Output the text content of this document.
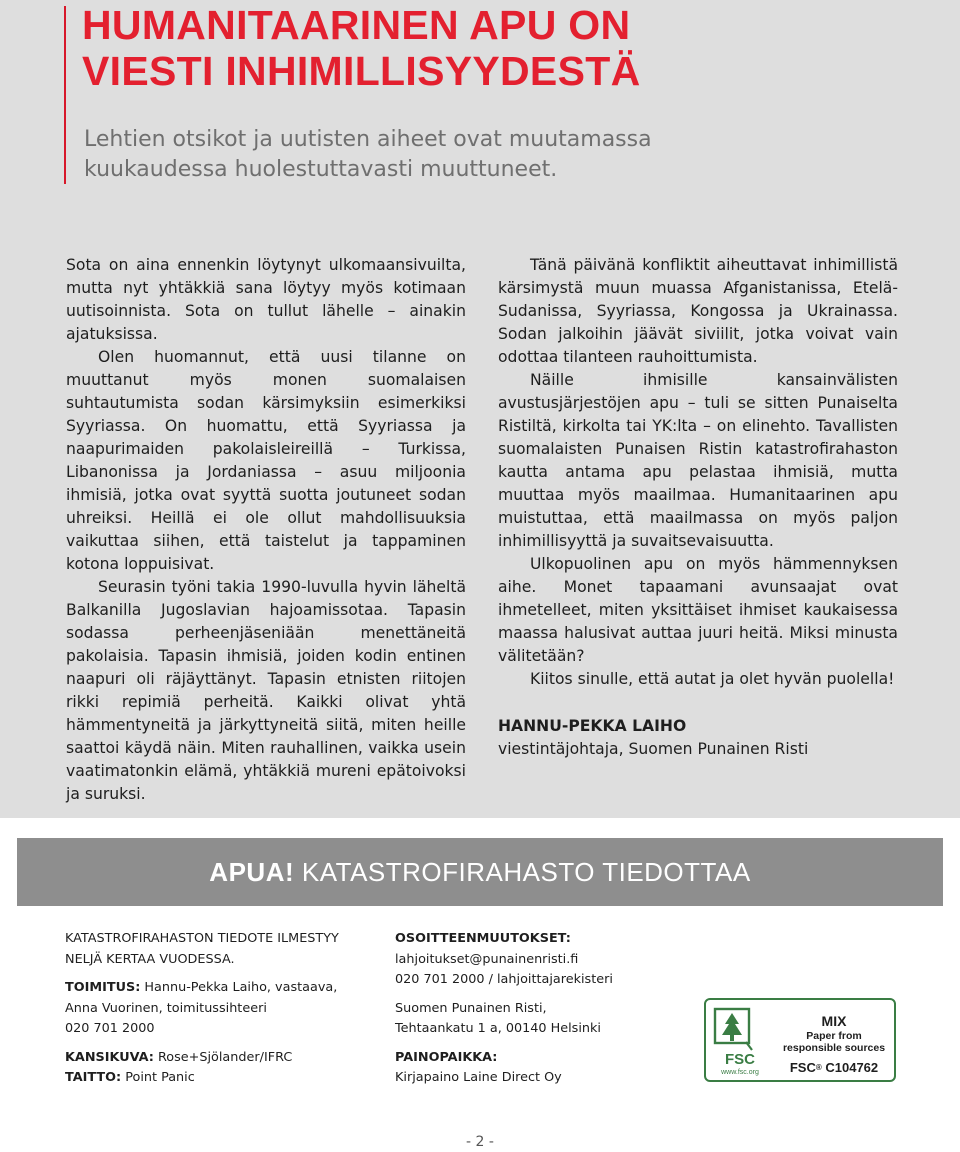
HUMANITAARINEN APU ON
VIESTI INHIMILLISYYDESTÄ
Lehtien otsikot ja uutisten aiheet ovat muutamassa
kuukaudessa huolestuttavasti muuttuneet.

Sota on aina ennenkin löytynyt ulkomaansivuilta, mutta nyt yhtäkkiä sana löytyy myös kotimaan uutisoinnista. Sota on tullut lähelle – ainakin ajatuksissa.

Olen huomannut, että uusi tilanne on muuttanut myös monen suomalaisen suhtautumista sodan kärsimyksiin esimerkiksi Syyriassa. On huomattu, että Syyriassa ja naapurimaiden pakolaisleireillä – Turkissa, Libanonissa ja Jordaniassa – asuu miljoonia ihmisiä, jotka ovat syyttä suotta joutuneet sodan uhreiksi. Heillä ei ole ollut mahdollisuuksia vaikuttaa siihen, että taistelut ja tappaminen kotona loppuisivat.

Seurasin työni takia 1990-luvulla hyvin läheltä Balkanilla Jugoslavian hajoamissotaa. Tapasin sodassa perheenjäseniään menettäneitä pakolaisia. Tapasin ihmisiä, joiden kodin entinen naapuri oli räjäyttänyt. Tapasin etnisten riitojen rikki repimiä perheitä. Kaikki olivat yhtä hämmentyneitä ja järkyttyneitä siitä, miten heille saattoi käydä näin. Miten rauhallinen, vaikka usein vaatimatonkin elämä, yhtäkkiä mureni epätoivoksi ja suruksi.

Tänä päivänä konfliktit aiheuttavat inhimillistä kärsimystä muun muassa Afganistanissa, Etelä-Sudanissa, Syyriassa, Kongossa ja Ukrainassa. Sodan jalkoihin jäävät siviilit, jotka voivat vain odottaa tilanteen rauhoittumista.

Näille ihmisille kansainvälisten avustusjärjestöjen apu – tuli se sitten Punaiselta Ristiltä, kirkolta tai YK:lta – on elinehto. Tavallisten suomalaisten Punaisen Ristin katastrofirahaston kautta antama apu pelastaa ihmisiä, mutta muuttaa myös maailmaa. Humanitaarinen apu muistuttaa, että maailmassa on myös paljon inhimillisyyttä ja suvaitsevaisuutta.

Ulkopuolinen apu on myös hämmennyksen aihe. Monet tapaamani avunsaajat ovat ihmetelleet, miten yksittäiset ihmiset kaukaisessa maassa halusivat auttaa juuri heitä. Miksi minusta välitetään?

Kiitos sinulle, että autat ja olet hyvän puolella!

HANNU-PEKKA LAIHO
viestintäjohtaja, Suomen Punainen Risti

APUA! KATASTROFIRAHASTO TIEDOTTAA
KATASTROFIRAHASTON TIEDOTE ILMESTYY
NELJÄ KERTAA VUODESSA.
TOIMITUS: Hannu-Pekka Laiho, vastaava,
Anna Vuorinen, toimitussihteeri
020 701 2000
KANSIKUVA: Rose+Sjölander/IFRC
TAITTO: Point Panic
OSOITTEENMUUTOKSET:
lahjoitukset@punainenristi.fi
020 701 2000 / lahjoittajarekisteri
Suomen Punainen Risti,
Tehtaankatu 1 a, 00140 Helsinki
PAINOPAIKKA:
Kirjapaino Laine Direct Oy
FSC
www.fsc.org
MIX
Paper from
responsible sources
FSC® C104762
- 2 -
